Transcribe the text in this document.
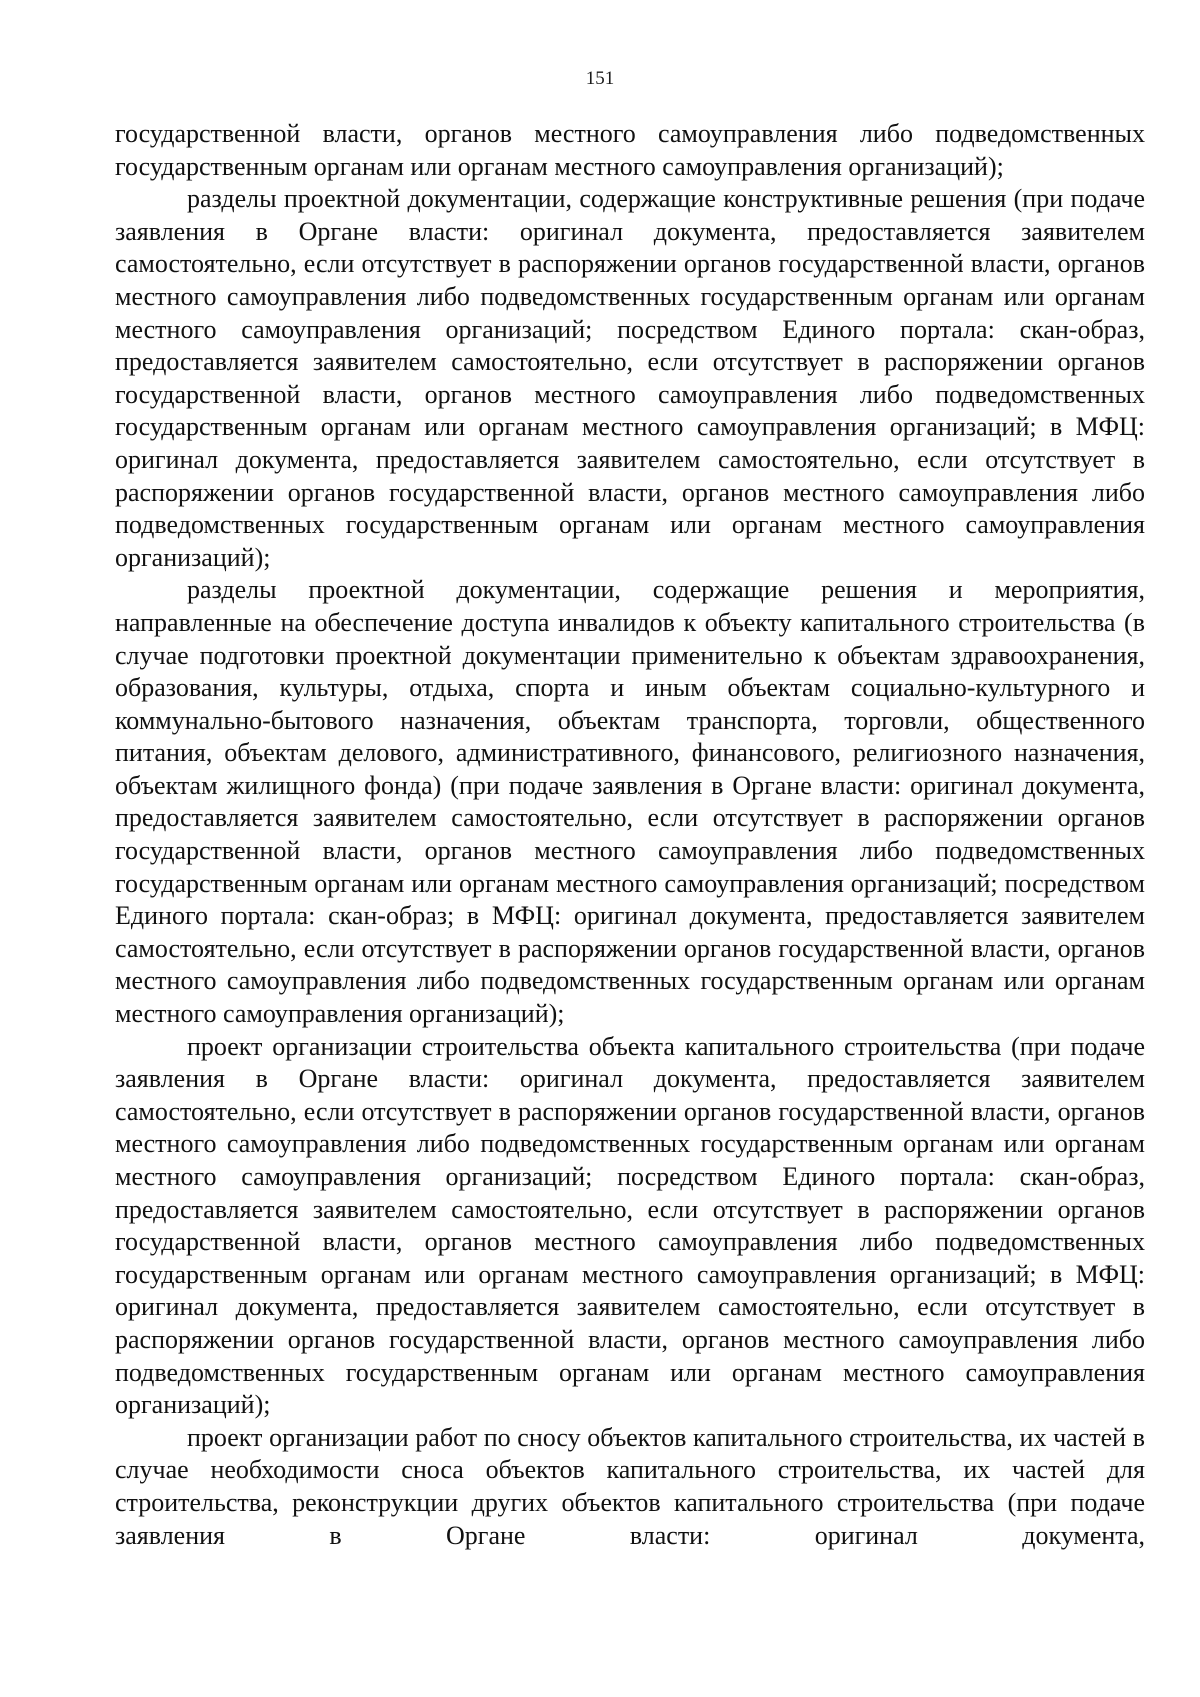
151

государственной власти, органов местного самоуправления либо подведомственных государственным органам или органам местного самоуправления организаций);

разделы проектной документации, содержащие конструктивные решения (при подаче заявления в Органе власти: оригинал документа, предоставляется заявителем самостоятельно, если отсутствует в распоряжении органов государственной власти, органов местного самоуправления либо подведомственных государственным органам или органам местного самоуправления организаций; посредством Единого портала: скан-образ, предоставляется заявителем самостоятельно, если отсутствует в распоряжении органов государственной власти, органов местного самоуправления либо подведомственных государственным органам или органам местного самоуправления организаций; в МФЦ: оригинал документа, предоставляется заявителем самостоятельно, если отсутствует в распоряжении органов государственной власти, органов местного самоуправления либо подведомственных государственным органам или органам местного самоуправления организаций);

разделы проектной документации, содержащие решения и мероприятия, направленные на обеспечение доступа инвалидов к объекту капитального строительства (в случае подготовки проектной документации применительно к объектам здравоохранения, образования, культуры, отдыха, спорта и иным объектам социально-культурного и коммунально-бытового назначения, объектам транспорта, торговли, общественного питания, объектам делового, административного, финансового, религиозного назначения, объектам жилищного фонда) (при подаче заявления в Органе власти: оригинал документа, предоставляется заявителем самостоятельно, если отсутствует в распоряжении органов государственной власти, органов местного самоуправления либо подведомственных государственным органам или органам местного самоуправления организаций; посредством Единого портала: скан-образ; в МФЦ: оригинал документа, предоставляется заявителем самостоятельно, если отсутствует в распоряжении органов государственной власти, органов местного самоуправления либо подведомственных государственным органам или органам местного самоуправления организаций);

проект организации строительства объекта капитального строительства (при подаче заявления в Органе власти: оригинал документа, предоставляется заявителем самостоятельно, если отсутствует в распоряжении органов государственной власти, органов местного самоуправления либо подведомственных государственным органам или органам местного самоуправления организаций; посредством Единого портала: скан-образ, предоставляется заявителем самостоятельно, если отсутствует в распоряжении органов государственной власти, органов местного самоуправления либо подведомственных государственным органам или органам местного самоуправления организаций; в МФЦ: оригинал документа, предоставляется заявителем самостоятельно, если отсутствует в распоряжении органов государственной власти, органов местного самоуправления либо подведомственных государственным органам или органам местного самоуправления организаций);

проект организации работ по сносу объектов капитального строительства, их частей в случае необходимости сноса объектов капитального строительства, их частей для строительства, реконструкции других объектов капитального строительства (при подаче заявления в Органе власти: оригинал документа,
